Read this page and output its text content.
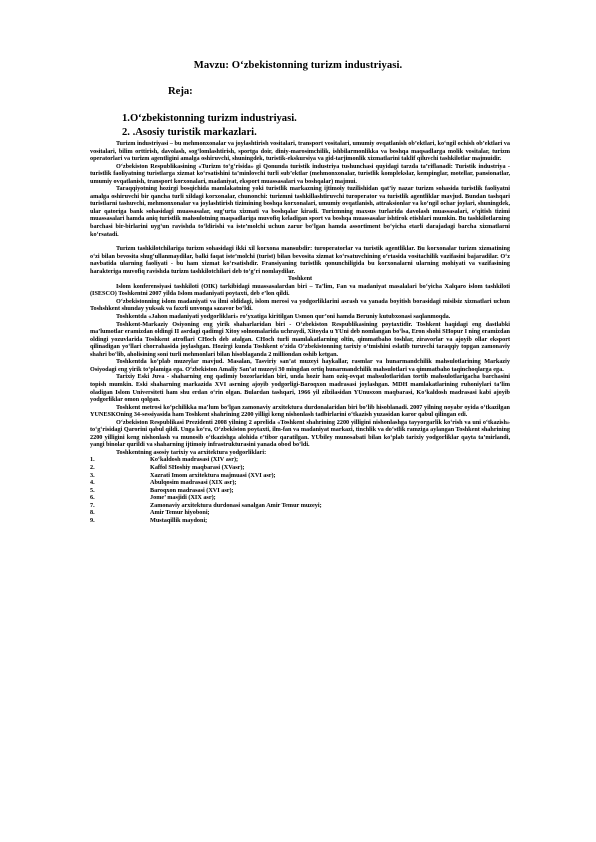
Mavzu: O‘zbekistonning turizm industriyasi.
Reja:
1.O‘zbekistonning turizm industriyasi.
2. .Asosiy turistik markazlari.

Turizm industriyasi – bu mehmonxonalar va joylashtirish vositalari, transport vositalari, umumiy ovqatlanish ob’ektlari, ko‘ngil ochish ob’ektlari va vositalari, bilim orttirish, davolash, sog‘lomlashtirish, sportga doir, diniy-marosimchilik, ishbilarmonlikka va boshqa maqsadlarga molik vositalar, turizm operatorlari va turizm agentligini amalga oshiruvchi, shuningdek, turistik-ekskursiya va gid-tarjimonlik xizmatlarini taklif qiluvchi tashkilotlar majmuidir.

O‘zbekiston Respublikasining «Turizm to‘g‘risida» gi Qonunda turistik industriya tushunchasi quyidagi tarzda ta’riflanadi: Turistik industriya - turistlik faoliyatning turistlarga xizmat ko‘rsatishini ta’minlovchi turli sub’ektlar (mehmonxonalar, turistlik komplekslar, kempinglar, motellar, pansionatlar, umumiy ovqatlanish, transport korxonalari, madaniyat, eksport muassasalari va boshqalar) majmui.

Taraqqiyotning hozirgi bosqichida mamlakatning yoki turistlik markazning ijtimoiy tuzilishidan qat’iy nazar turizm sohasida turistlik faoliyatni amalga oshiruvchi bir qancha turli xildagi korxonalar, chunonchi: turizmni tashkillashtiruvchi turoperator va turistlik agentliklar mavjud. Bundan tashqari turistlarni tashuvchi, mehmonxonalar va joylashtirish tizimining boshqa korxonalari, umumiy ovqatlanish, attraksionlar va ko‘ngil ochar joylari, shuningdek, ular qatoriga bank sohasidagi muassasalar, sug‘urta xizmati va boshqalar kiradi. Turizmning maxsus turlarida davolash muassasalari, o‘qitish tizimi muassasalari hamda aniq turistlik mahsulotning maqsadlariga muvofiq keladigan sport va boshqa muassasalar ishtirok etishlari mumkin. Bu tashkilotlarning barchasi bir-birlarini uyg‘un ravishda to‘ldirishi va iste’molchi uchun zarur bo‘lgan hamda assortiment bo‘yicha etarli darajadagi barcha xizmatlarni ko‘rsatadi.

Turizm tashkilotchilariga turizm sohasidagi ikki xil korxona mansubdir: turoperatorlar va turistik agentliklar. Bu korxonalar turizm xizmatining o‘zi bilan bevosita shug‘ullanmaydilar, balki faqat iste’molchi (turist) bilan bevosita xizmat ko‘rsatuvchining o‘rtasida vositachilik vazifasini bajaradilar. O‘z navbatida ularning faoliyati - bu ham xizmat ko‘rsatishdir. Fransiyaning turistlik qonunchiligida bu korxonalarni ularning mohiyati va vazifasining harakteriga muvofiq ravishda turizm tashkilotchilari deb to‘g‘ri nomlaydilar.

Toshkent

Islom konferensiyasi tashkiloti (OIK) tarkibidagi muassasalardan biri – Ta’lim, Fan va madaniyat masalalari bo‘yicha Xalqaro islom tashkiloti (ISESCO) Toshkentni 2007 yilda Islom madaniyati poytaxti, deb e’lon qildi.

O‘zbekistonning islom madaniyati va ilmi oldidagi, islom merosi va yodgorliklarini asrash va yanada boyitish borasidagi misilsiz xizmatlari uchun Toshshkent shunday yuksak va faxrli unvonga sazavor bo‘ldi.

Toshkentda «Jahon madaniyati yodgorliklari» ro‘yxatiga kiritilgan Usmon qur’oni hamda Beruniy kutubxonasi saqlanmoqda.

Toshkent-Markaziy Osiyoning eng yirik shaharlaridan biri - O‘zbekiston Respublikasining poytaxtidir. Toshkent haqidagi eng dastlabki ma’lumotlar eramizdan oldingi II asrdagi qadimgi Xitoy solnomalarida uchraydi, Xitoyda u YUni deb nomlangan bo‘lsa, Eron shohi SHopur I ning eramizdan oldingi yozuvlarida Toshkent atroflari CHoch deb atalgan. CHoch turli mamlakatlarning oltin, qimmatbaho toshlar, ziravorlar va ajoyib ollar eksport qilinadigan yo‘llari chorrahasida joylashgan. Hozirgi kunda Toshkent o‘zida O‘zbekistonning tarixiy o‘tmishini eslatib turuvchi taraqqiy topgan zamonaviy shahri bo‘lib, aholisining soni turli mehmonlari bilan hisoblaganda 2 milliondan oshib ketgan.

Toshkentda ko‘plab muzeylar mavjud. Masalan, Tasviriy san’at muzeyi haykallar, rasmlar va hunarmandchilik mahsulotlarining Markaziy Osiyodagi eng yirik to‘plamiga ega. O‘zbekiston Amaliy San’at muzeyi 30 mingdan ortiq hunarmandchilik mahsulotlari va qimmatbaho taqinchoqlarga ega.

Tarixiy Eski Juva - shaharning eng qadimiy bozorlaridan biri, unda hozir ham oziq-ovqat mahsulotlaridan tortib mahsulotlarigacha barchasini topish mumkin. Eski shaharning markazida XVI asrning ajoyib yodgorligi-Baroqxon madrasasi joylashgan. MDH mamlakatlarining ruhoniylari ta’lim oladigan Islom Universiteti ham shu erdan o‘rin olgan. Bulardan tashqari, 1966 yil zilzilasidan YUnusxon maqbarasi, Ko‘kaldosh madrasasi kabi ajoyib yodgorliklar omon qolgan.

Toshkent metrosi ko‘pchilikka ma’lum bo‘lgan zamonaviy arxitektura durdonalaridan biri bo‘lib hisoblanadi. 2007 yilning noyabr oyida o‘tkazilgan YUNESKOning 34-sessiyasida ham Toshkent shahrining 2200 yilligi keng nishonlash tadbirlarini o‘tkazish yuzasidan karor qabul qilingan edi.

O‘zbekiston Respublikasi Prezidenti 2008 yilning 2 aprelida «Toshkent shahrining 2200 yilligini nishonlashga tayyorgarlik ko‘rish va uni o‘tkazish» to‘g‘risidagi Qarorini qabul qildi. Unga ko‘ra, O‘zbekiston poytaxti, ilm-fan va madaniyat markazi, tinchlik va do‘stlik ramziga aylangan Toshkent shahrining 2200 yilligini keng nishonlash va munosib o‘tkazishga alohida e’tibor qaratilgan. YUbiley munosabati bilan ko‘plab tarixiy yodgorliklar qayta ta’mirlandi, yangi binolar qurildi va shaharning ijtimoiy infrastrukturasini yanada obod bo‘ldi.

Toshkentning asosiy tarixiy va arxitektura yodgorliklari:

1.	Ko‘kaldosh madrasasi (XIV asr);
2.	Kaffol SHoshiy maqbarasi (XVasr);
3.	Xazrati Imom arxitektura majmuasi (XVI asr);
4.	Abulqosim madrasasi (XIX asr);
5.	Baroqxon madrasasi (XVI asr);
6.	Jome’ masjidi (XIX asr);
7.	Zamonaviy arxitektura durdonasi sanalgan Amir Temur muzeyi;
8.	Amir Temur hiyoboni;
9.	Mustaqillik maydoni;
